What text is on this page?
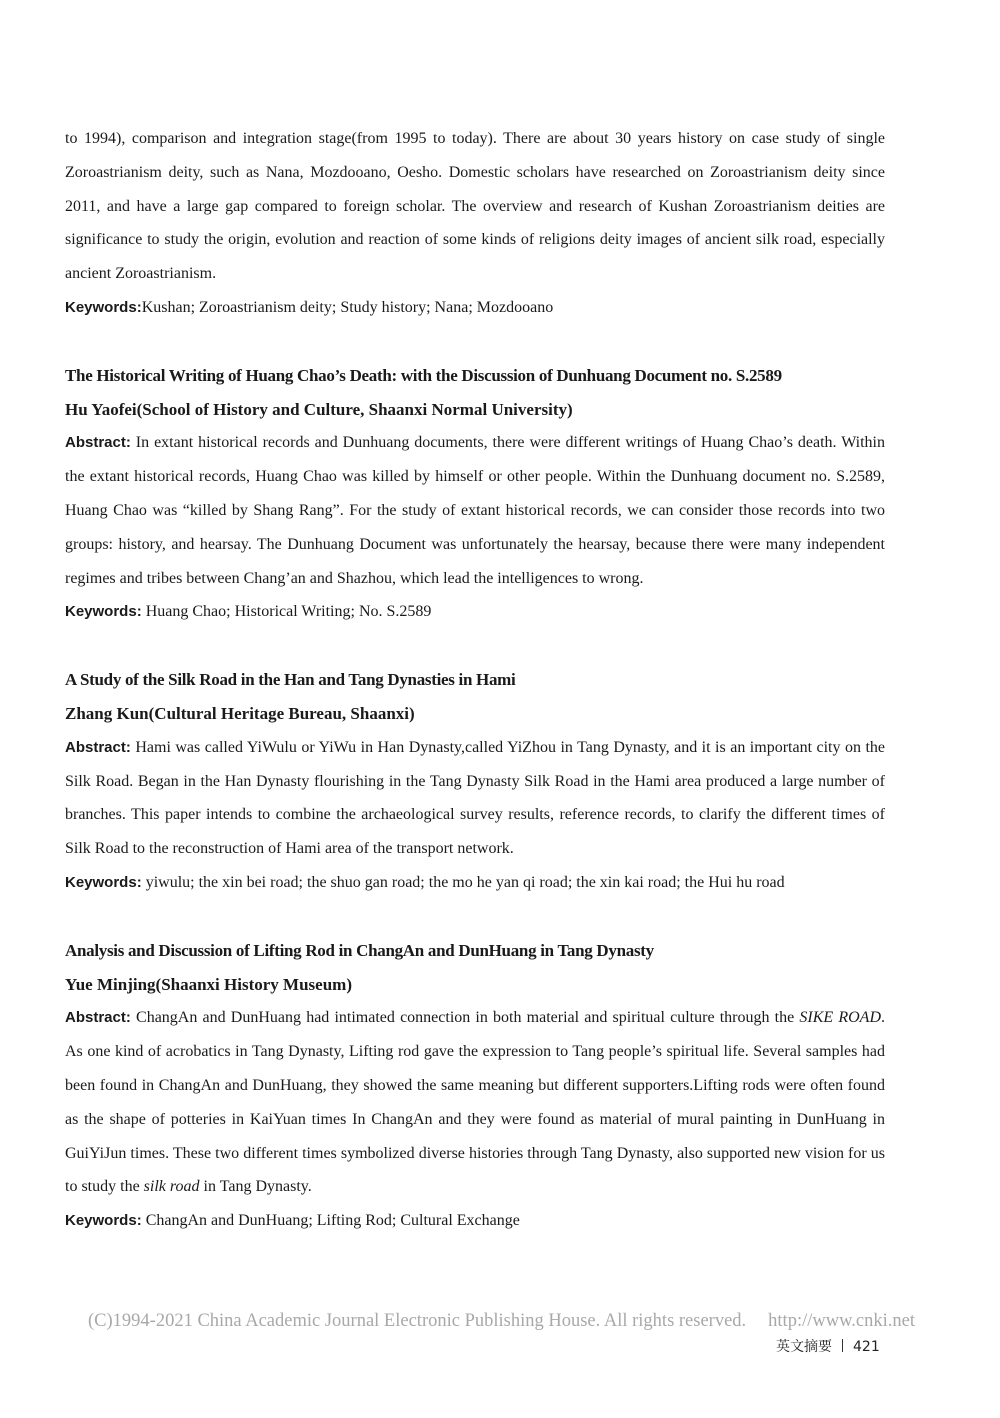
to 1994), comparison and integration stage(from 1995 to today). There are about 30 years history on case study of single Zoroastrianism deity, such as Nana, Mozdooano, Oesho. Domestic scholars have researched on Zoroastrianism deity since 2011, and have a large gap compared to foreign scholar. The overview and research of Kushan Zoroastrianism deities are significance to study the origin, evolution and reaction of some kinds of religions deity images of ancient silk road, especially ancient Zoroastrianism.

Keywords:Kushan; Zoroastrianism deity; Study history; Nana; Mozdooano

The Historical Writing of Huang Chao’s Death: with the Discussion of Dunhuang Document no. S.2589
Hu Yaofei(School of History and Culture, Shaanxi Normal University)

Abstract: In extant historical records and Dunhuang documents, there were different writings of Huang Chao’s death. Within the extant historical records, Huang Chao was killed by himself or other people. Within the Dunhuang document no. S.2589, Huang Chao was “killed by Shang Rang”. For the study of extant historical records, we can consider those records into two groups: history, and hearsay. The Dunhuang Document was unfortunately the hearsay, because there were many independent regimes and tribes between Chang’an and Shazhou, which lead the intelligences to wrong.

Keywords: Huang Chao; Historical Writing; No. S.2589

A Study of the Silk Road in the Han and Tang Dynasties in Hami
Zhang Kun(Cultural Heritage Bureau, Shaanxi)

Abstract: Hami was called YiWulu or YiWu in Han Dynasty,called YiZhou in Tang Dynasty, and it is an important city on the Silk Road. Began in the Han Dynasty flourishing in the Tang Dynasty Silk Road in the Hami area produced a large number of branches. This paper intends to combine the archaeological survey results, reference records, to clarify the different times of Silk Road to the reconstruction of Hami area of the transport network.

Keywords: yiwulu; the xin bei road; the shuo gan road; the mo he yan qi road; the xin kai road; the Hui hu road

Analysis and Discussion of Lifting Rod in ChangAn and DunHuang in Tang Dynasty
Yue Minjing(Shaanxi History Museum)

Abstract: ChangAn and DunHuang had intimated connection in both material and spiritual culture through the SIKE ROAD. As one kind of acrobatics in Tang Dynasty, Lifting rod gave the expression to Tang people’s spiritual life. Several samples had been found in ChangAn and DunHuang, they showed the same meaning but different supporters.Lifting rods were often found as the shape of potteries in KaiYuan times In ChangAn and they were found as material of mural painting in DunHuang in GuiYiJun times. These two different times symbolized diverse histories through Tang Dynasty, also supported new vision for us to study the silk road in Tang Dynasty.

Keywords: ChangAn and DunHuang; Lifting Rod; Cultural Exchange

(C)1994-2021 China Academic Journal Electronic Publishing House. All rights reserved. http://www.cnki.net
英文摘要 421
